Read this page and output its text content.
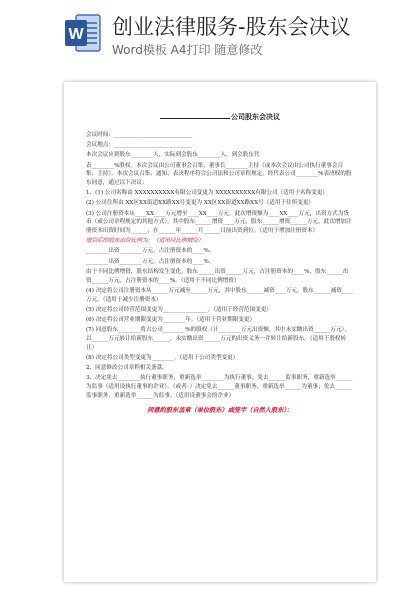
W 创业法律服务-股东会决议
Word模板 A4打印 随意修改
公司股东会决议
会议时间：____________________________
会议地点：____________________________
本次会议应到股东________人，实际到会股东________人，到会股东代
表________%股权。本次会议由公司董事会召集，董事长________主持（或本次会议由公司执行董事会召集、主持）。本次会议召集、通知、表决程序符合公司法和公司章程规定。经代表公司________%表决权的股东同意，通过以下决议：
1、(1) 公司名称由 XXXXXXXXXX有限公司变更为 XXXXXXXXXX有限公司（适用于名称变更）
(2) 公司住所由 XX区XX街道XX路XX号变更为 XX区XX街道XX路XX号（适用于住所变更）
(3) 公司注册资本从____XX____万元增至____XX____万元，此次增资额为____XX____万元，出资方式为货币（或公司章程规定的其他方式），其中股东______增资____万元，股东______增资______万元，此次增加注册资本出资时间为______，在______年______月______日前出资到位。（适用于增加注册资本）
增资后的股东出资比例为：（适用同比例增资）
________出资________万元，占注册资本的____%。
________出资________万元，占注册资本的____%。
由于不同比例增资，股东结构发生变化，股东______出资______万元，占注册资本的____%，股东______出资______万元，占注册资本的____%。（适用于不同比例增资）
(4) 决定将公司注册资本从______万元减至______万元，其中股东______减资____万元，股东______减资____万元。（适用于减少注册资本）
(5) 决定将公司经营范围变更为________________。（适用于经营范围变更）
(6) 决定将公司营业期限变更为________年。（适用于营业期限变更）
(7) 同意股东________将占公司________%的股权（计________万元出资额，其中未实缴出资______万元），以______万元转让给新股东______，未实缴出资______万元的出资义务一并转让给新股东。（适用于股权转让）
(8) 决定将公司类型变更为________。（适用于公司类型变更）
2、同意修改公司章程相关条款。
3、决定免去________执行董事职务，重新选举________为执行董事；免去______监事职务，重新选举______为监事（适用设执行董事的企业）。（或者：）决定免去______董事职务，重新选举______为董事；免去______监事职务，重新选举______为监事。（适用设董事会的企业）
同意的股东盖章（单位股东）或签字（自然人股东）：
